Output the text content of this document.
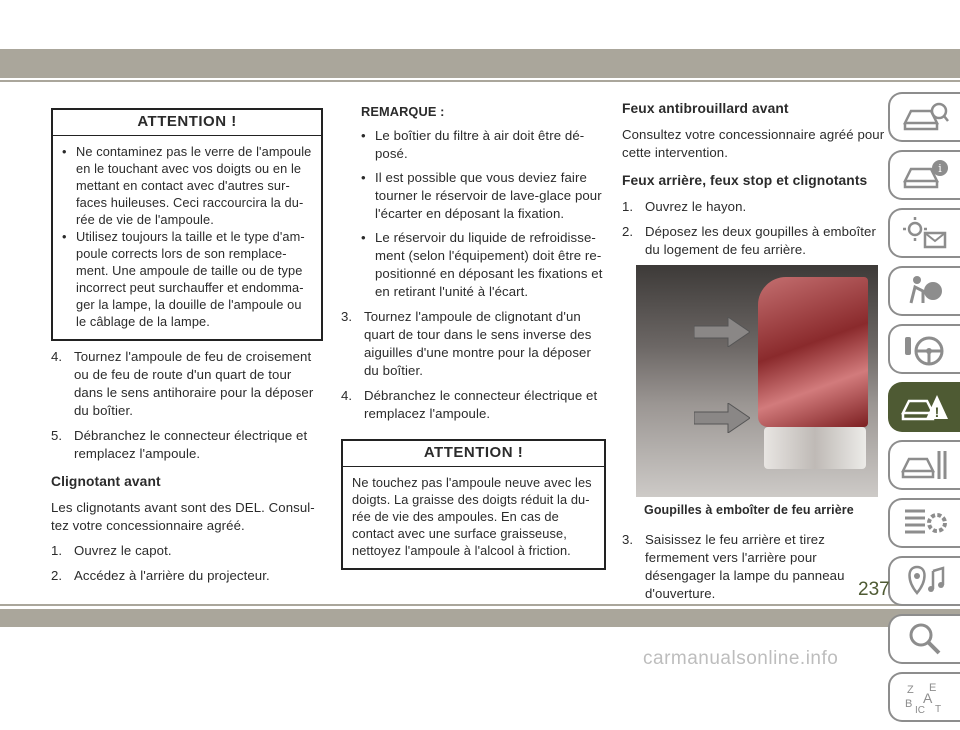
ATTENTION !
• Ne contaminez pas le verre de l'ampoule en le touchant avec vos doigts ou en le mettant en contact avec d'autres sur- faces huileuses. Ceci raccourcira la du- rée de vie de l'ampoule.
• Utilisez toujours la taille et le type d'am- poule corrects lors de son remplace- ment. Une ampoule de taille ou de type incorrect peut surchauffer et endomma- ger la lampe, la douille de l'ampoule ou le câblage de la lampe.
4. Tournez l'ampoule de feu de croisement ou de feu de route d'un quart de tour dans le sens antihoraire pour la déposer du boîtier.
5. Débranchez le connecteur électrique et remplacez l'ampoule.
Clignotant avant

Les clignotants avant sont des DEL. Consul- tez votre concessionnaire agréé.

1. Ouvrez le capot.
2. Accédez à l'arrière du projecteur.
REMARQUE :
• Le boîtier du filtre à air doit être dé- posé.
• Il est possible que vous deviez faire tourner le réservoir de lave-glace pour l'écarter en déposant la fixation.
• Le réservoir du liquide de refroidisse- ment (selon l'équipement) doit être re- positionné en déposant les fixations et en retirant l'unité à l'écart.
3. Tournez l'ampoule de clignotant d'un quart de tour dans le sens inverse des aiguilles d'une montre pour la déposer du boîtier.
4. Débranchez le connecteur électrique et remplacez l'ampoule.
ATTENTION !
Ne touchez pas l'ampoule neuve avec les doigts. La graisse des doigts réduit la du- rée de vie des ampoules. En cas de contact avec une surface graisseuse, nettoyez l'ampoule à l'alcool à friction.
Feux antibrouillard avant

Consultez votre concessionnaire agréé pour cette intervention.

Feux arrière, feux stop et clignotants
1. Ouvrez le hayon.
2. Déposez les deux goupilles à emboîter du logement de feu arrière.
Goupilles à emboîter de feu arrière
3. Saisissez le feu arrière et tirez fermement vers l'arrière pour désengager la lampe du panneau d'ouverture.
i
!
Z E
B A
IC T
237
carmanualsonline.info
